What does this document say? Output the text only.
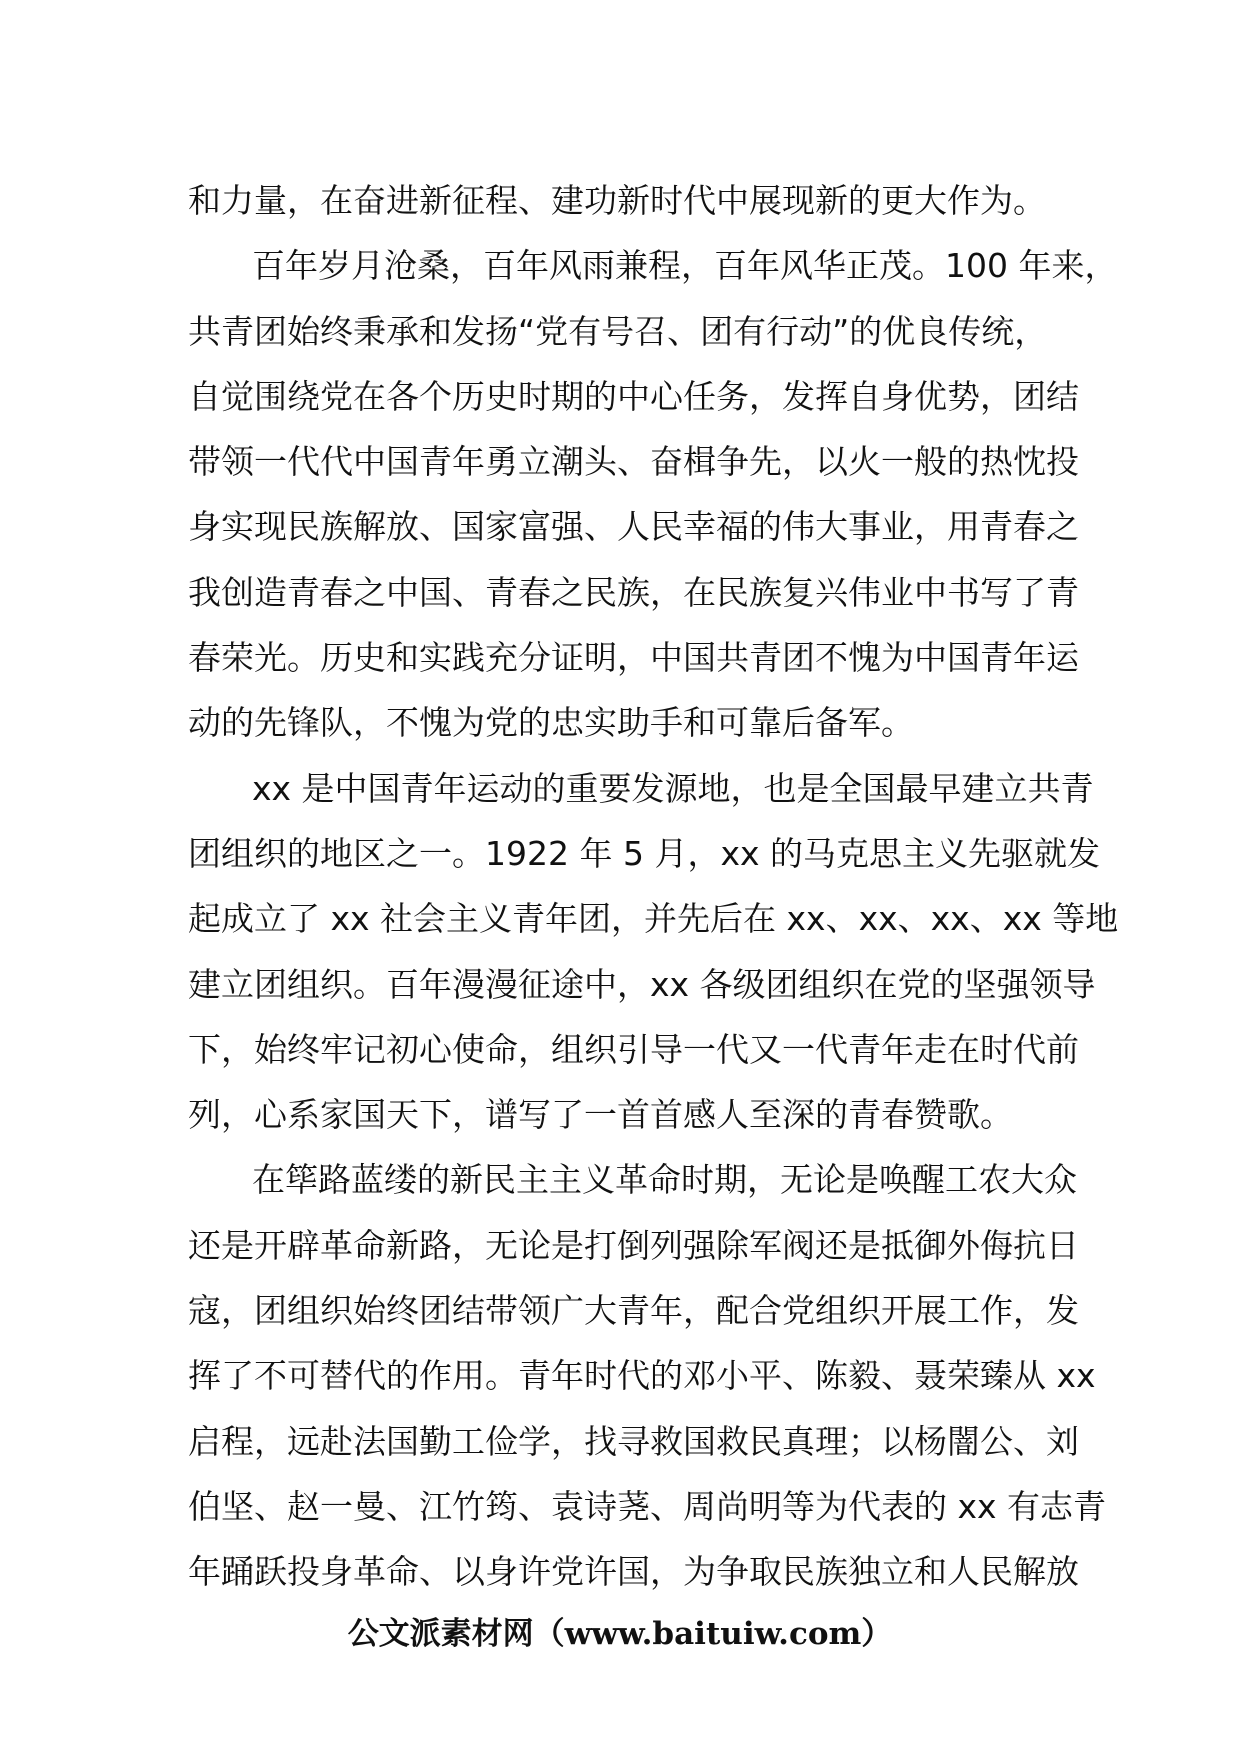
和力量，在奋进新征程、建功新时代中展现新的更大作为。
百年岁月沧桑，百年风雨兼程，百年风华正茂。100 年来，
共青团始终秉承和发扬“党有号召、团有行动”的优良传统，
自觉围绕党在各个历史时期的中心任务，发挥自身优势，团结
带领一代代中国青年勇立潮头、奋楫争先，以火一般的热忱投
身实现民族解放、国家富强、人民幸福的伟大事业，用青春之
我创造青春之中国、青春之民族，在民族复兴伟业中书写了青
春荣光。历史和实践充分证明，中国共青团不愧为中国青年运
动的先锋队，不愧为党的忠实助手和可靠后备军。
xx 是中国青年运动的重要发源地，也是全国最早建立共青
团组织的地区之一。1922 年 5 月，xx 的马克思主义先驱就发
起成立了 xx 社会主义青年团，并先后在 xx、xx、xx、xx 等地
建立团组织。百年漫漫征途中，xx 各级团组织在党的坚强领导
下，始终牢记初心使命，组织引导一代又一代青年走在时代前
列，心系家国天下，谱写了一首首感人至深的青春赞歌。
在筚路蓝缕的新民主主义革命时期，无论是唤醒工农大众
还是开辟革命新路，无论是打倒列强除军阀还是抵御外侮抗日
寇，团组织始终团结带领广大青年，配合党组织开展工作，发
挥了不可替代的作用。青年时代的邓小平、陈毅、聂荣臻从 xx
启程，远赴法国勤工俭学，找寻救国救民真理；以杨闇公、刘
伯坚、赵一曼、江竹筠、袁诗荛、周尚明等为代表的 xx 有志青
年踊跃投身革命、以身许党许国，为争取民族独立和人民解放
公文派素材网（www.baituiw.com）
